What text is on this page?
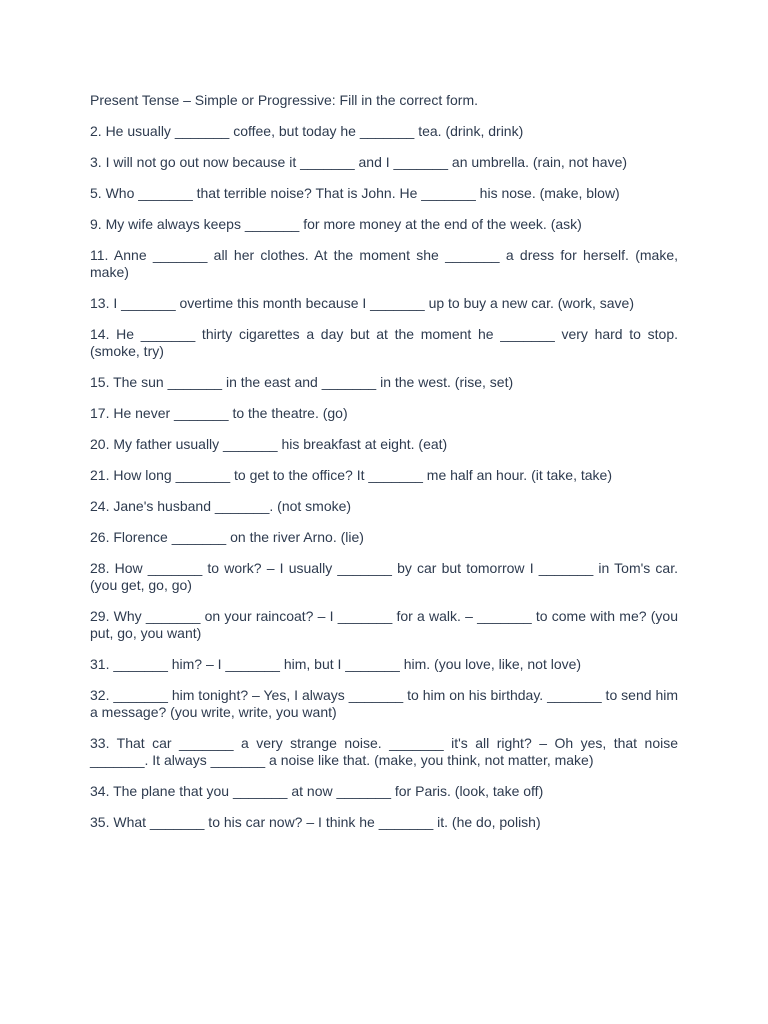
Present Tense – Simple or Progressive: Fill in the correct form.

2. He usually _______ coffee, but today he _______ tea. (drink, drink)

3. I will not go out now because it _______ and I _______ an umbrella. (rain, not have)

5. Who _______ that terrible noise? That is John. He _______ his nose. (make, blow)

9. My wife always keeps _______ for more money at the end of the week. (ask)

11. Anne _______ all her clothes. At the moment she _______ a dress for herself. (make, make)

13. I _______ overtime this month because I _______ up to buy a new car. (work, save)

14. He _______ thirty cigarettes a day but at the moment he _______ very hard to stop. (smoke, try)

15. The sun _______ in the east and _______ in the west. (rise, set)

17. He never _______ to the theatre. (go)

20. My father usually _______ his breakfast at eight. (eat)

21. How long _______ to get to the office? It _______ me half an hour. (it take, take)

24. Jane's husband _______. (not smoke)

26. Florence _______ on the river Arno. (lie)

28. How _______ to work? – I usually _______ by car but tomorrow I _______ in Tom's car. (you get, go, go)

29. Why _______ on your raincoat? – I _______ for a walk. – _______ to come with me? (you put, go, you want)

31. _______ him? – I _______ him, but I _______ him. (you love, like, not love)

32. _______ him tonight? – Yes, I always _______ to him on his birthday. _______ to send him a message? (you write, write, you want)

33. That car _______ a very strange noise. _______ it's all right? – Oh yes, that noise _______. It always _______ a noise like that. (make, you think, not matter, make)

34. The plane that you _______ at now _______ for Paris. (look, take off)

35. What _______ to his car now? – I think he _______ it. (he do, polish)
